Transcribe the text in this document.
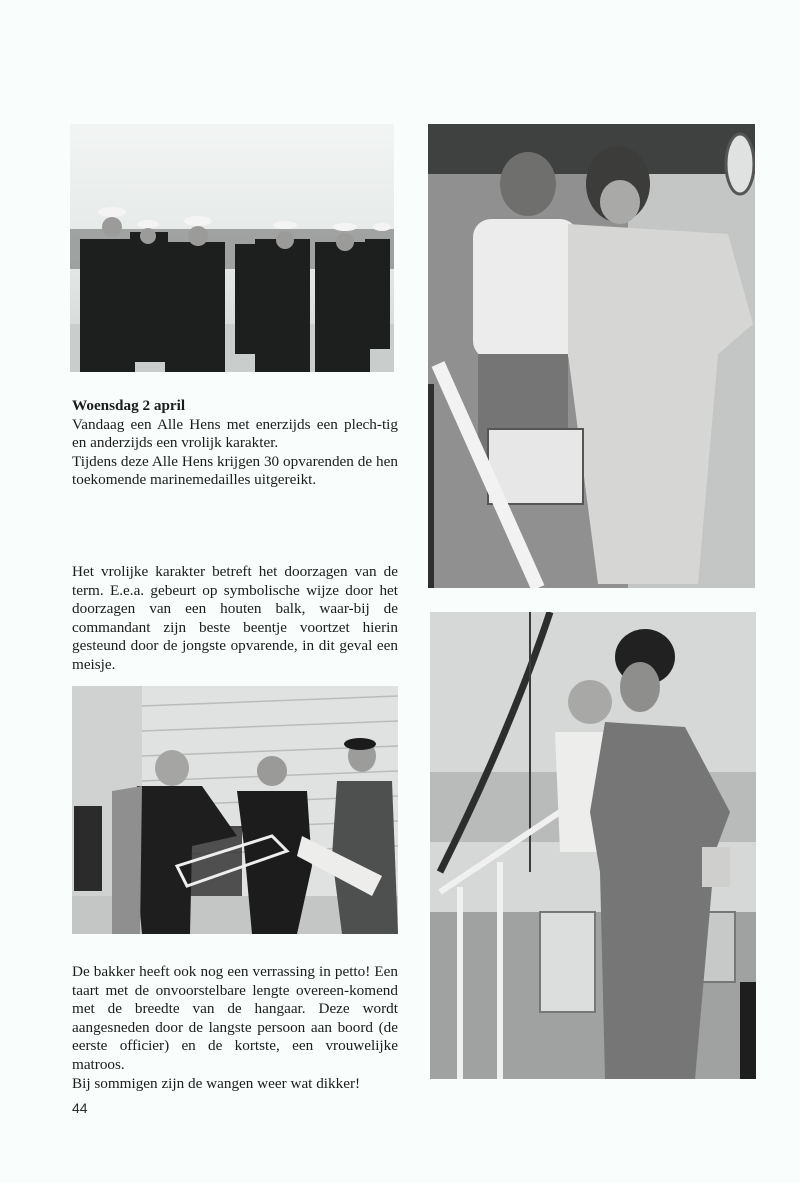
Woensdag 2 april

Vandaag een Alle Hens met enerzijds een plech-tig en anderzijds een vrolijk karakter.

Tijdens deze Alle Hens krijgen 30 opvarenden de hen toekomende marinemedailles uitgereikt.

Het vrolijke karakter betreft het doorzagen van de term. E.e.a. gebeurt op symbolische wijze door het doorzagen van een houten balk, waar-bij de commandant zijn beste beentje voortzet hierin gesteund door de jongste opvarende, in dit geval een meisje.

De bakker heeft ook nog een verrassing in petto! Een taart met de onvoorstelbare lengte overeen-komend met de breedte van de hangaar. Deze wordt aangesneden door de langste persoon aan boord (de eerste officier) en de kortste, een vrouwelijke matroos.

Bij sommigen zijn de wangen weer wat dikker!

44
